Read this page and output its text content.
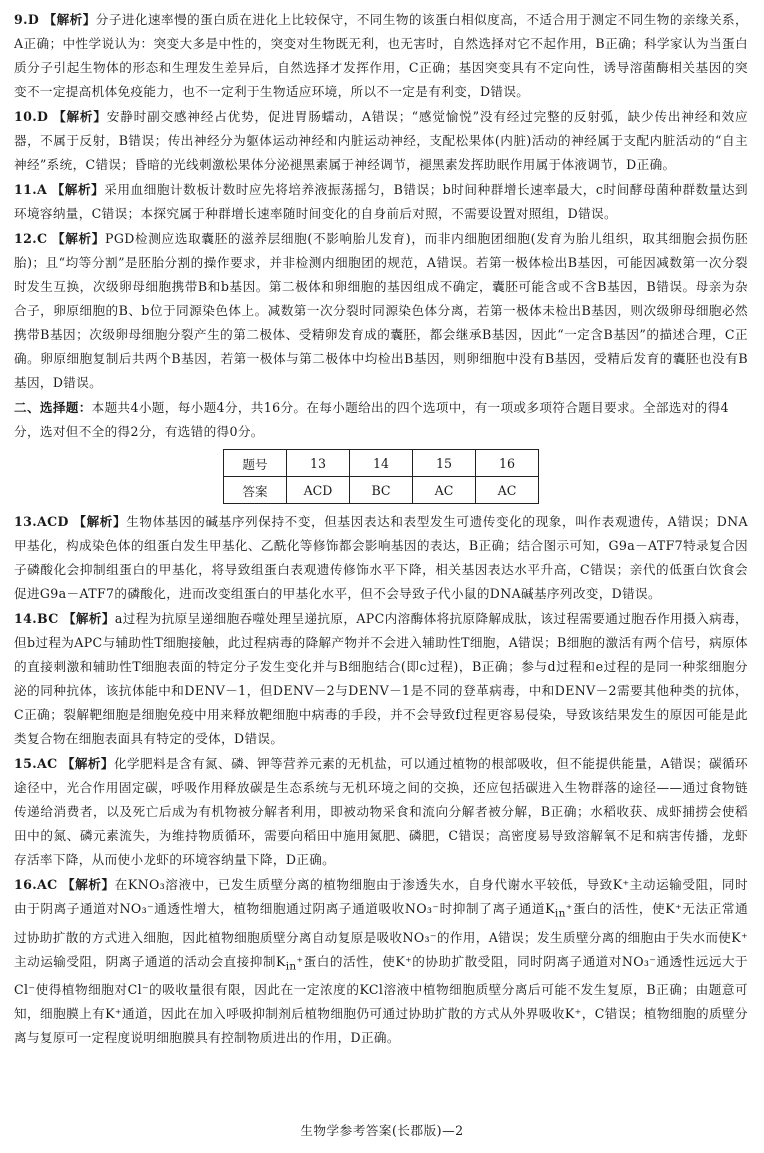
9.D 【解析】分子进化速率慢的蛋白质在进化上比较保守，不同生物的该蛋白相似度高，不适合用于测定不同生物的亲缘关系，A正确；中性学说认为：突变大多是中性的，突变对生物既无利，也无害时，自然选择对它不起作用，B正确；科学家认为当蛋白质分子引起生物体的形态和生理发生差异后，自然选择才发挥作用，C正确；基因突变具有不定向性，诱导溶菌酶相关基因的突变不一定提高机体免疫能力，也不一定利于生物适应环境，所以不一定是有利变，D错误。

10.D 【解析】安静时副交感神经占优势，促进胃肠蠕动，A错误；“感觉愉悦”没有经过完整的反射弧，缺少传出神经和效应器，不属于反射，B错误；传出神经分为躯体运动神经和内脏运动神经，支配松果体(内脏)活动的神经属于支配内脏活动的“自主神经”系统，C错误；昏暗的光线刺激松果体分泌褪黑素属于神经调节，褪黑素发挥助眠作用属于体液调节，D正确。

11.A 【解析】采用血细胞计数板计数时应先将培养液振荡摇匀，B错误；b时间种群增长速率最大，c时间酵母菌种群数量达到环境容纳量，C错误；本探究属于种群增长速率随时间变化的自身前后对照，不需要设置对照组，D错误。

12.C 【解析】PGD检测应选取囊胚的滋养层细胞(不影响胎儿发育)，而非内细胞团细胞(发育为胎儿组织，取其细胞会损伤胚胎)；且“均等分割”是胚胎分割的操作要求，并非检测内细胞团的规范，A错误。若第一极体检出B基因，可能因减数第一次分裂时发生互换，次级卵母细胞携带B和b基因。第二极体和卵细胞的基因组成不确定，囊胚可能含或不含B基因，B错误。母亲为杂合子，卵原细胞的B、b位于同源染色体上。减数第一次分裂时同源染色体分离，若第一极体未检出B基因，则次级卵母细胞必然携带B基因；次级卵母细胞分裂产生的第二极体、受精卵发育成的囊胚，都会继承B基因，因此“一定含B基因”的描述合理，C正确。卵原细胞复制后共两个B基因，若第一极体与第二极体中均检出B基因，则卵细胞中没有B基因，受精后发育的囊胚也没有B基因，D错误。

二、选择题：本题共4小题，每小题4分，共16分。在每小题给出的四个选项中，有一项或多项符合题目要求。全部选对的得4分，选对但不全的得2分，有选错的得0分。

题号	13	14	15	16
答案	ACD	BC	AC	AC

13.ACD 【解析】生物体基因的碱基序列保持不变，但基因表达和表型发生可遗传变化的现象，叫作表观遗传，A错误；DNA甲基化，构成染色体的组蛋白发生甲基化、乙酰化等修饰都会影响基因的表达，B正确；结合图示可知，G9a－ATF7特录复合因子磷酸化会抑制组蛋白的甲基化，将导致组蛋白表观遗传修饰水平下降，相关基因表达水平升高，C错误；亲代的低蛋白饮食会促进G9a－ATF7的磷酸化，进而改变组蛋白的甲基化水平，但不会导致子代小鼠的DNA碱基序列改变，D错误。

14.BC 【解析】a过程为抗原呈递细胞吞噬处理呈递抗原，APC内溶酶体将抗原降解成肽，该过程需要通过胞吞作用摄入病毒，但b过程为APC与辅助性T细胞接触，此过程病毒的降解产物并不会进入辅助性T细胞，A错误；B细胞的激活有两个信号，病原体的直接刺激和辅助性T细胞表面的特定分子发生变化并与B细胞结合(即c过程)，B正确；参与d过程和e过程的是同一种浆细胞分泌的同种抗体，该抗体能中和DENV－1，但DENV－2与DENV－1是不同的登革病毒，中和DENV－2需要其他种类的抗体，C正确；裂解靶细胞是细胞免疫中用来释放靶细胞中病毒的手段，并不会导致f过程更容易侵染，导致该结果发生的原因可能是此类复合物在细胞表面具有特定的受体，D错误。

15.AC 【解析】化学肥料是含有氮、磷、钾等营养元素的无机盐，可以通过植物的根部吸收，但不能提供能量，A错误；碳循环途径中，光合作用固定碳，呼吸作用释放碳是生态系统与无机环境之间的交换，还应包括碳进入生物群落的途径——通过食物链传递给消费者，以及死亡后成为有机物被分解者利用，即被动物采食和流向分解者被分解，B正确；水稻收获、成虾捕捞会使稻田中的氮、磷元素流失，为维持物质循环，需要向稻田中施用氮肥、磷肥，C错误；高密度易导致溶解氧不足和病害传播，龙虾存活率下降，从而使小龙虾的环境容纳量下降，D正确。

16.AC 【解析】在KNO₃溶液中，已发生质壁分离的植物细胞由于渗透失水，自身代谢水平较低，导致K⁺主动运输受阻，同时由于阴离子通道对NO₃⁻通透性增大，植物细胞通过阴离子通道吸收NO₃⁻时抑制了离子通道$K_{in}^+$蛋白的活性，使K⁺无法正常通过协助扩散的方式进入细胞，因此植物细胞质壁分离自动复原是吸收NO₃⁻的作用，A错误；发生质壁分离的细胞由于失水而使K⁺主动运输受阻，阴离子通道的活动会直接抑制$K_{in}^+$蛋白的活性，使K⁺的协助扩散受阻，同时阴离子通道对NO₃⁻通透性远远大于Cl⁻使得植物细胞对Cl⁻的吸收量很有限，因此在一定浓度的KCl溶液中植物细胞质壁分离后可能不发生复原，B正确；由题意可知，细胞膜上有K⁺通道，因此在加入呼吸抑制剂后植物细胞仍可通过协助扩散的方式从外界吸收K⁺，C错误；植物细胞的质壁分离与复原可一定程度说明细胞膜具有控制物质进出的作用，D正确。

生物学参考答案(长郡版)—2
